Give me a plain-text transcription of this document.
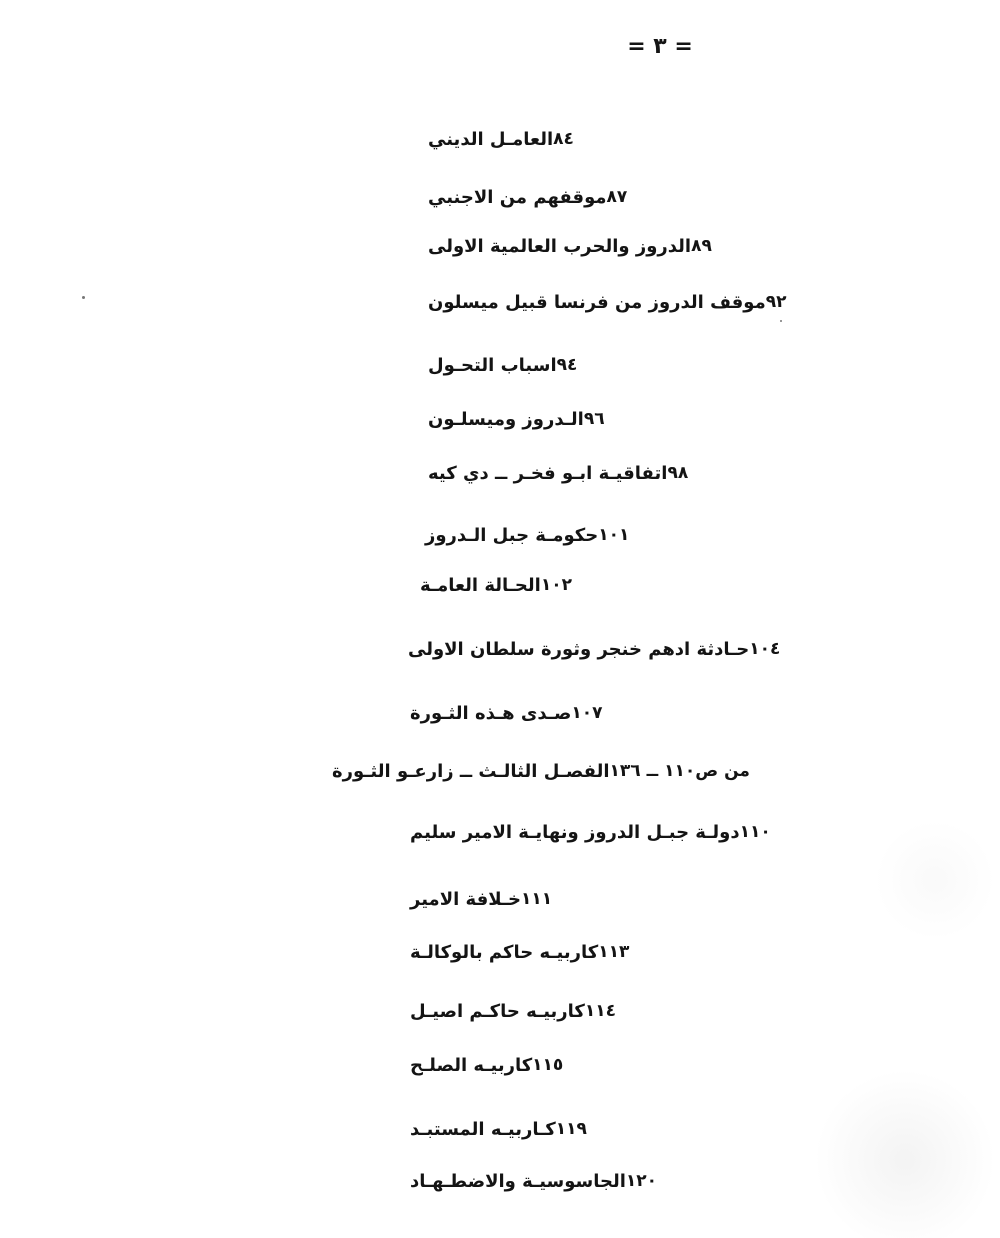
= ٣ =
العامـل الديني ٨٤
موقفهم من الاجنبي ٨٧
الدروز والحرب العالمية الاولى ٨٩
موقف الدروز من فرنسا قبيل ميسلون ٩٢
اسباب التحـول ٩٤
الـدروز وميسلـون ٩٦
اتفاقيـة ابـو فخـر ــ دي كيه ٩٨
حكومـة جبل الـدروز ١٠١
الحـالة العامـة ١٠٢
حـادثة ادهم خنجر وثورة سلطان الاولى ١٠٤
صـدى هـذه الثـورة ١٠٧
الفصـل الثالـث ــ زارعـو الثـورة من ص١١٠ ــ ١٣٦
دولـة جبـل الدروز ونهايـة الامير سليم ١١٠
خـلافة الامير ١١١
كاربيـه حاكم بالوكالـة ١١٣
كاربيـه حاكـم اصيـل ١١٤
كاربيـه الصلـح ١١٥
كـاربيـه المستبـد ١١٩
الجاسوسيـة والاضطـهـاد ١٢٠
